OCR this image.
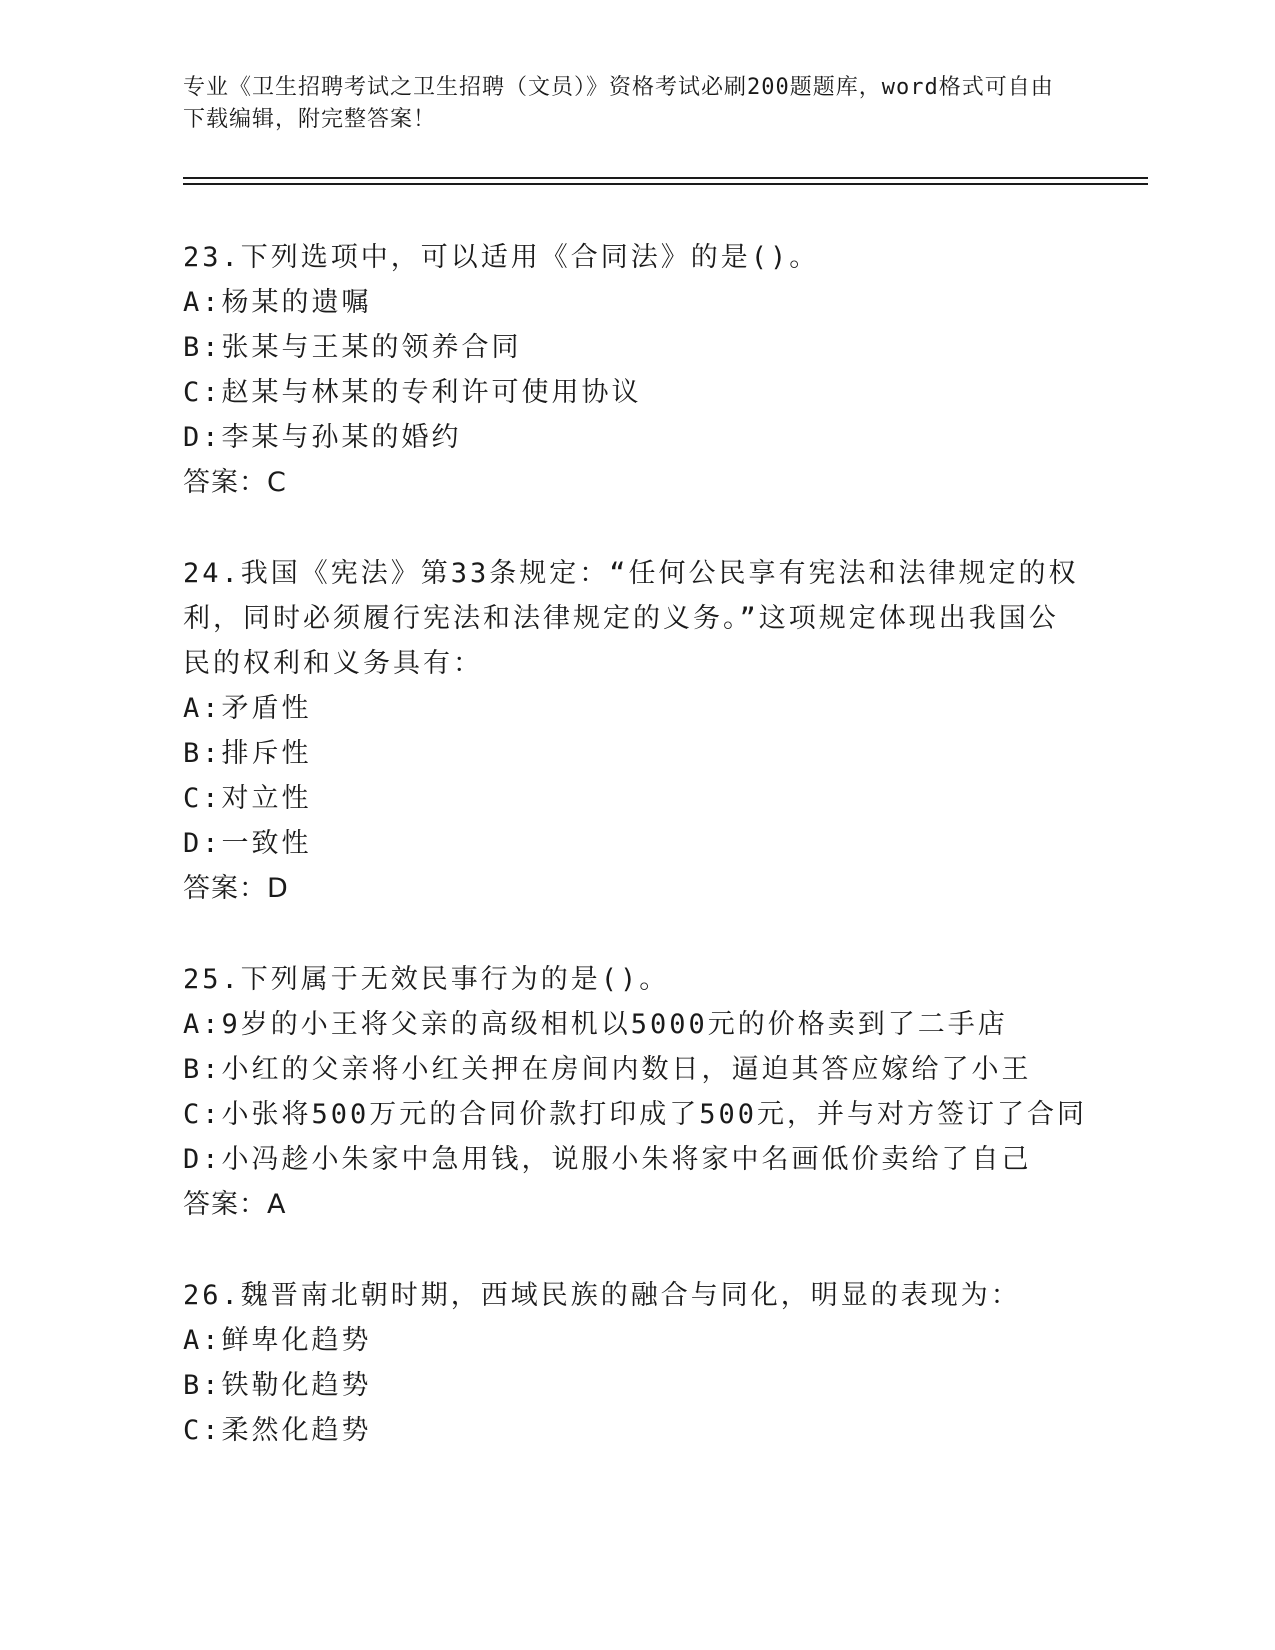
专业《卫生招聘考试之卫生招聘（文员）》资格考试必刷200题题库，word格式可自由下载编辑，附完整答案！
23.下列选项中，可以适用《合同法》的是()。
A:杨某的遗嘱
B:张某与王某的领养合同
C:赵某与林某的专利许可使用协议
D:李某与孙某的婚约
答案：C
24.我国《宪法》第33条规定：“任何公民享有宪法和法律规定的权利，同时必须履行宪法和法律规定的义务。”这项规定体现出我国公民的权利和义务具有：
A:矛盾性
B:排斥性
C:对立性
D:一致性
答案：D
25.下列属于无效民事行为的是()。
A:9岁的小王将父亲的高级相机以5000元的价格卖到了二手店
B:小红的父亲将小红关押在房间内数日，逼迫其答应嫁给了小王
C:小张将500万元的合同价款打印成了500元，并与对方签订了合同
D:小冯趁小朱家中急用钱，说服小朱将家中名画低价卖给了自己
答案：A
26.魏晋南北朝时期，西域民族的融合与同化，明显的表现为：
A:鲜卑化趋势
B:铁勒化趋势
C:柔然化趋势
